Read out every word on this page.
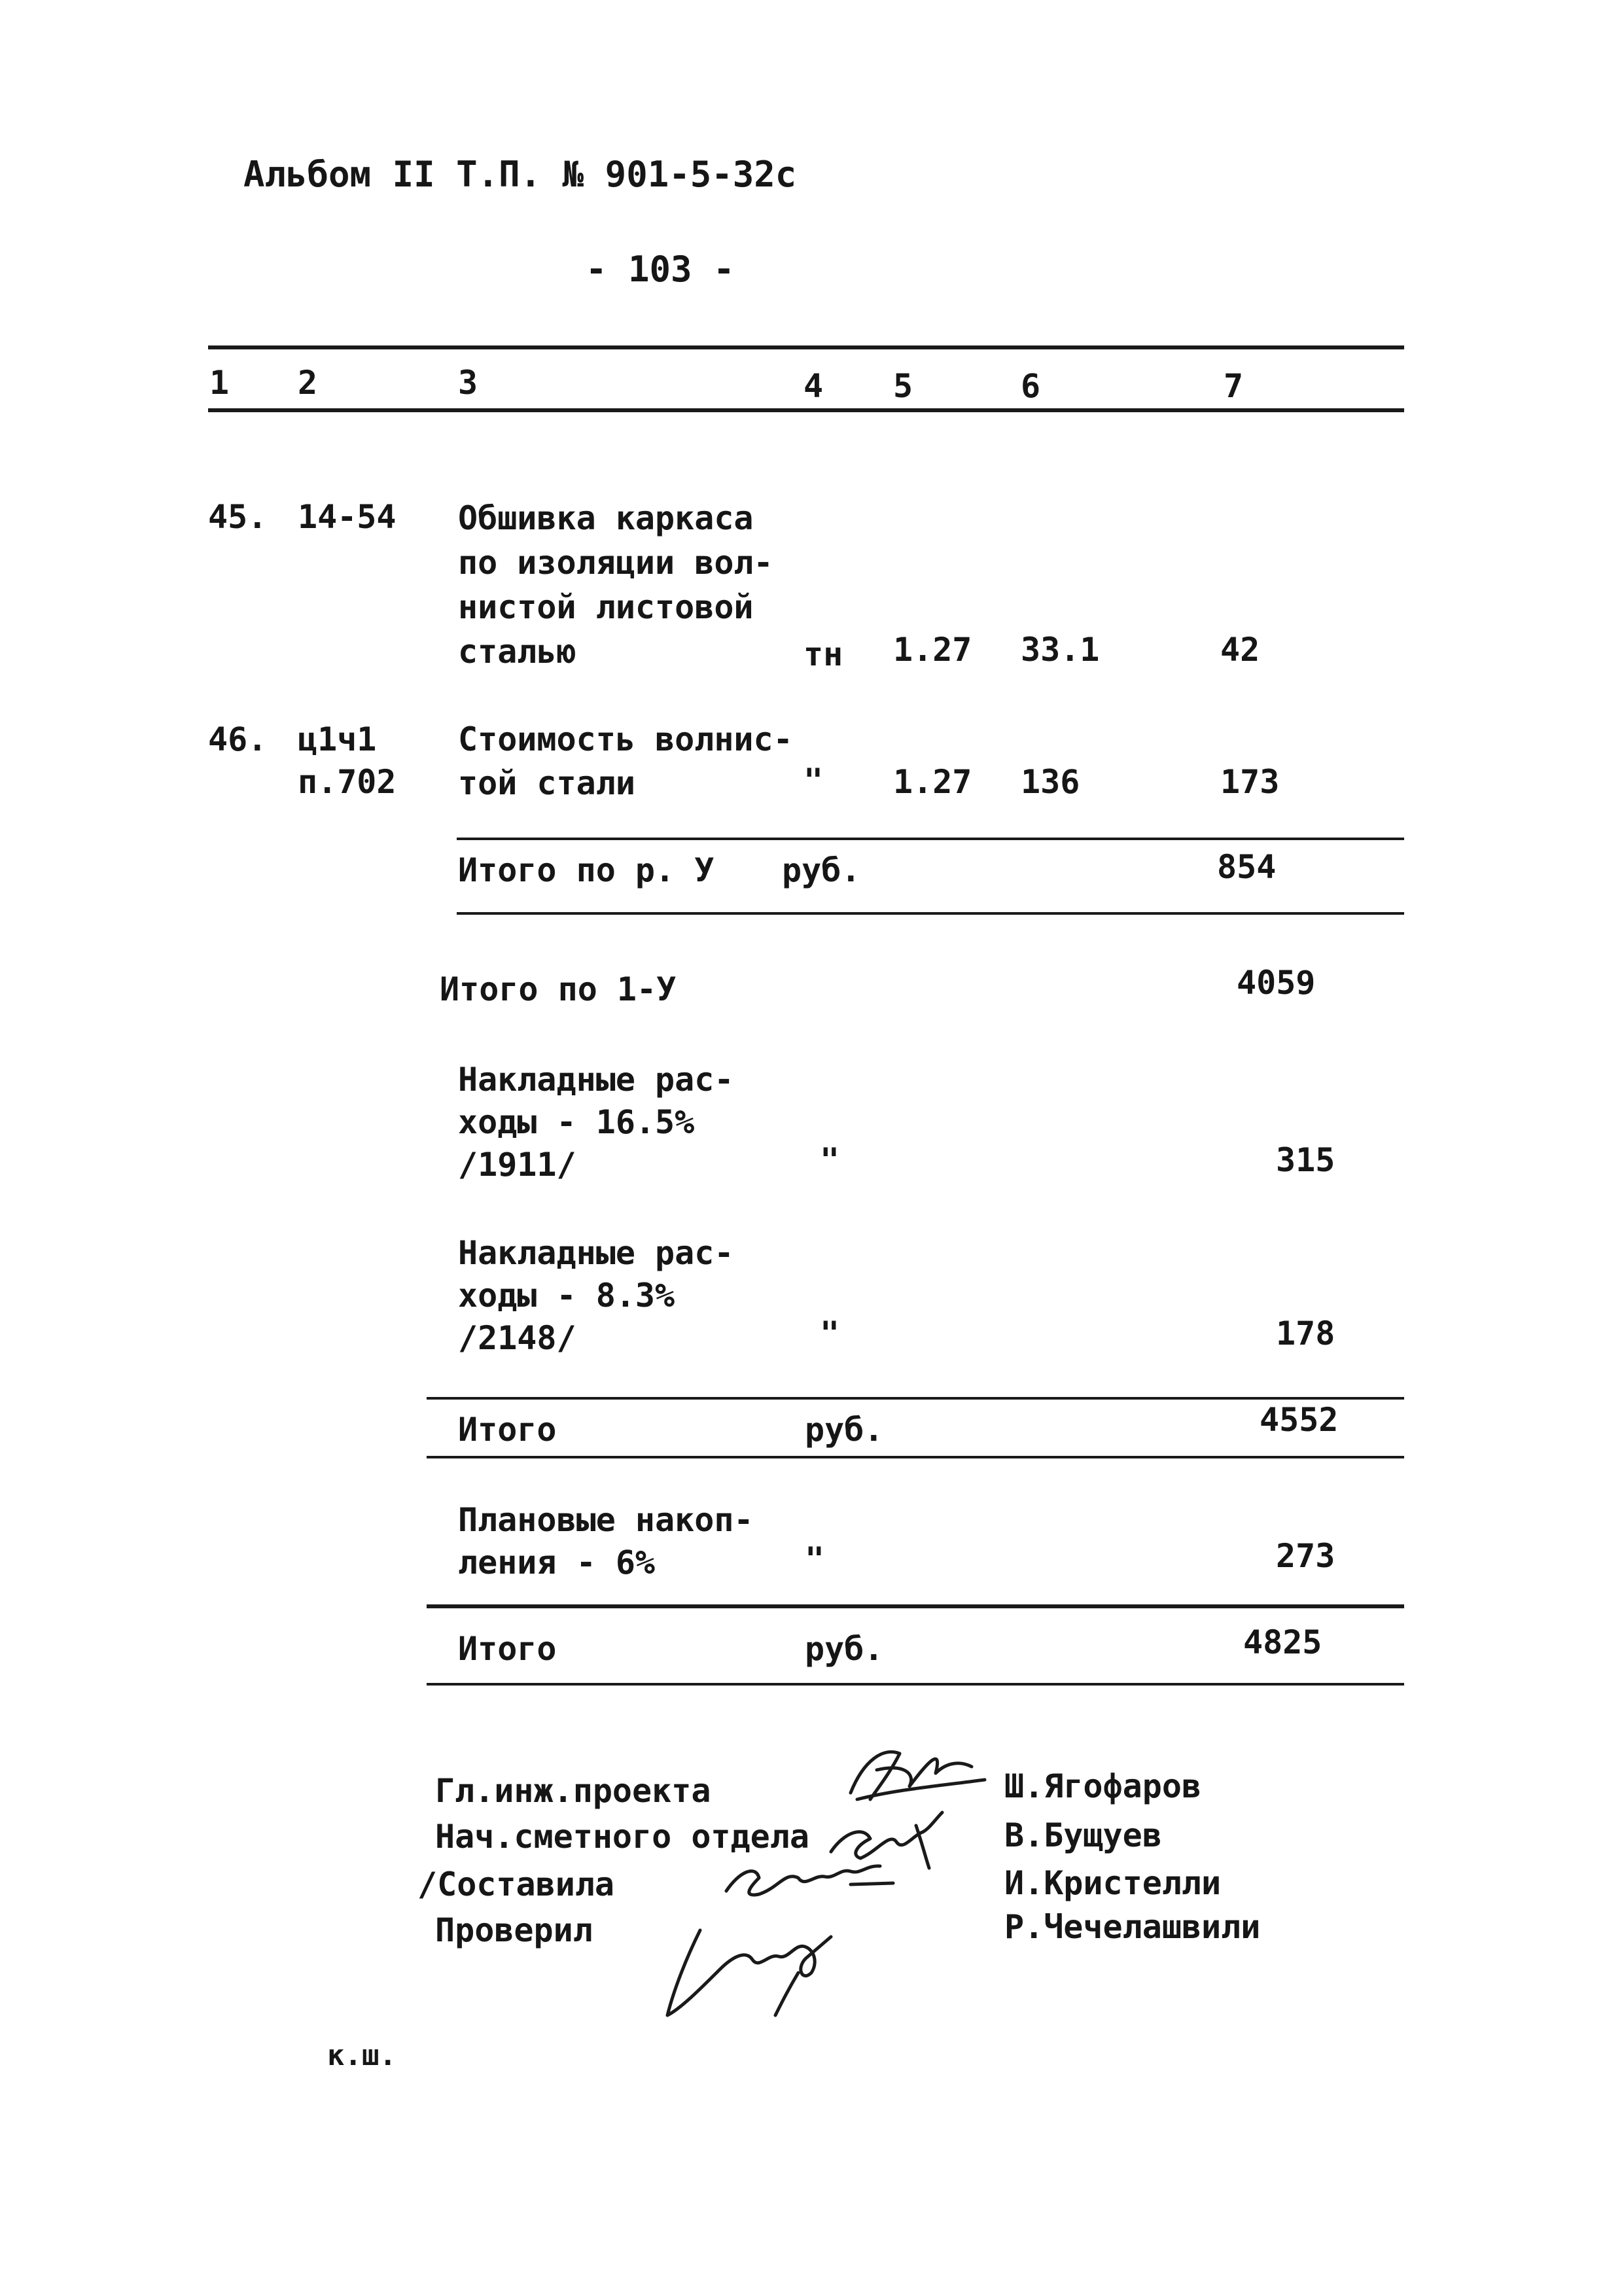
Альбом II Т.П. № 901-5-32с
- 103 -
1 2	3	4 5	6	7
45. 14-54 Обшивка каркаса
по изоляции вол-
нистой листовой
сталью	тн 1.27 33.1	42
46. ц1ч1
п.702
Стоимость волнис-
той стали	" 1.27 136	173
Итого по р. У руб.	854
Итого по 1-У	4059
Накладные рас-
ходы - 16.5%
/1911/	"	315
Накладные рас-
ходы - 8.3%
/2148/	"	178
Итого	руб.	4552
Плановые накоп-
ления - 6%	"	273
Итого	руб.	4825
Гл.инж.проекта	Ш.Ягофаров
Нач.сметного отдела	В.Бущуев
/Составила	И.Кристелли
Проверил	Р.Чечелашвили
к.ш.
